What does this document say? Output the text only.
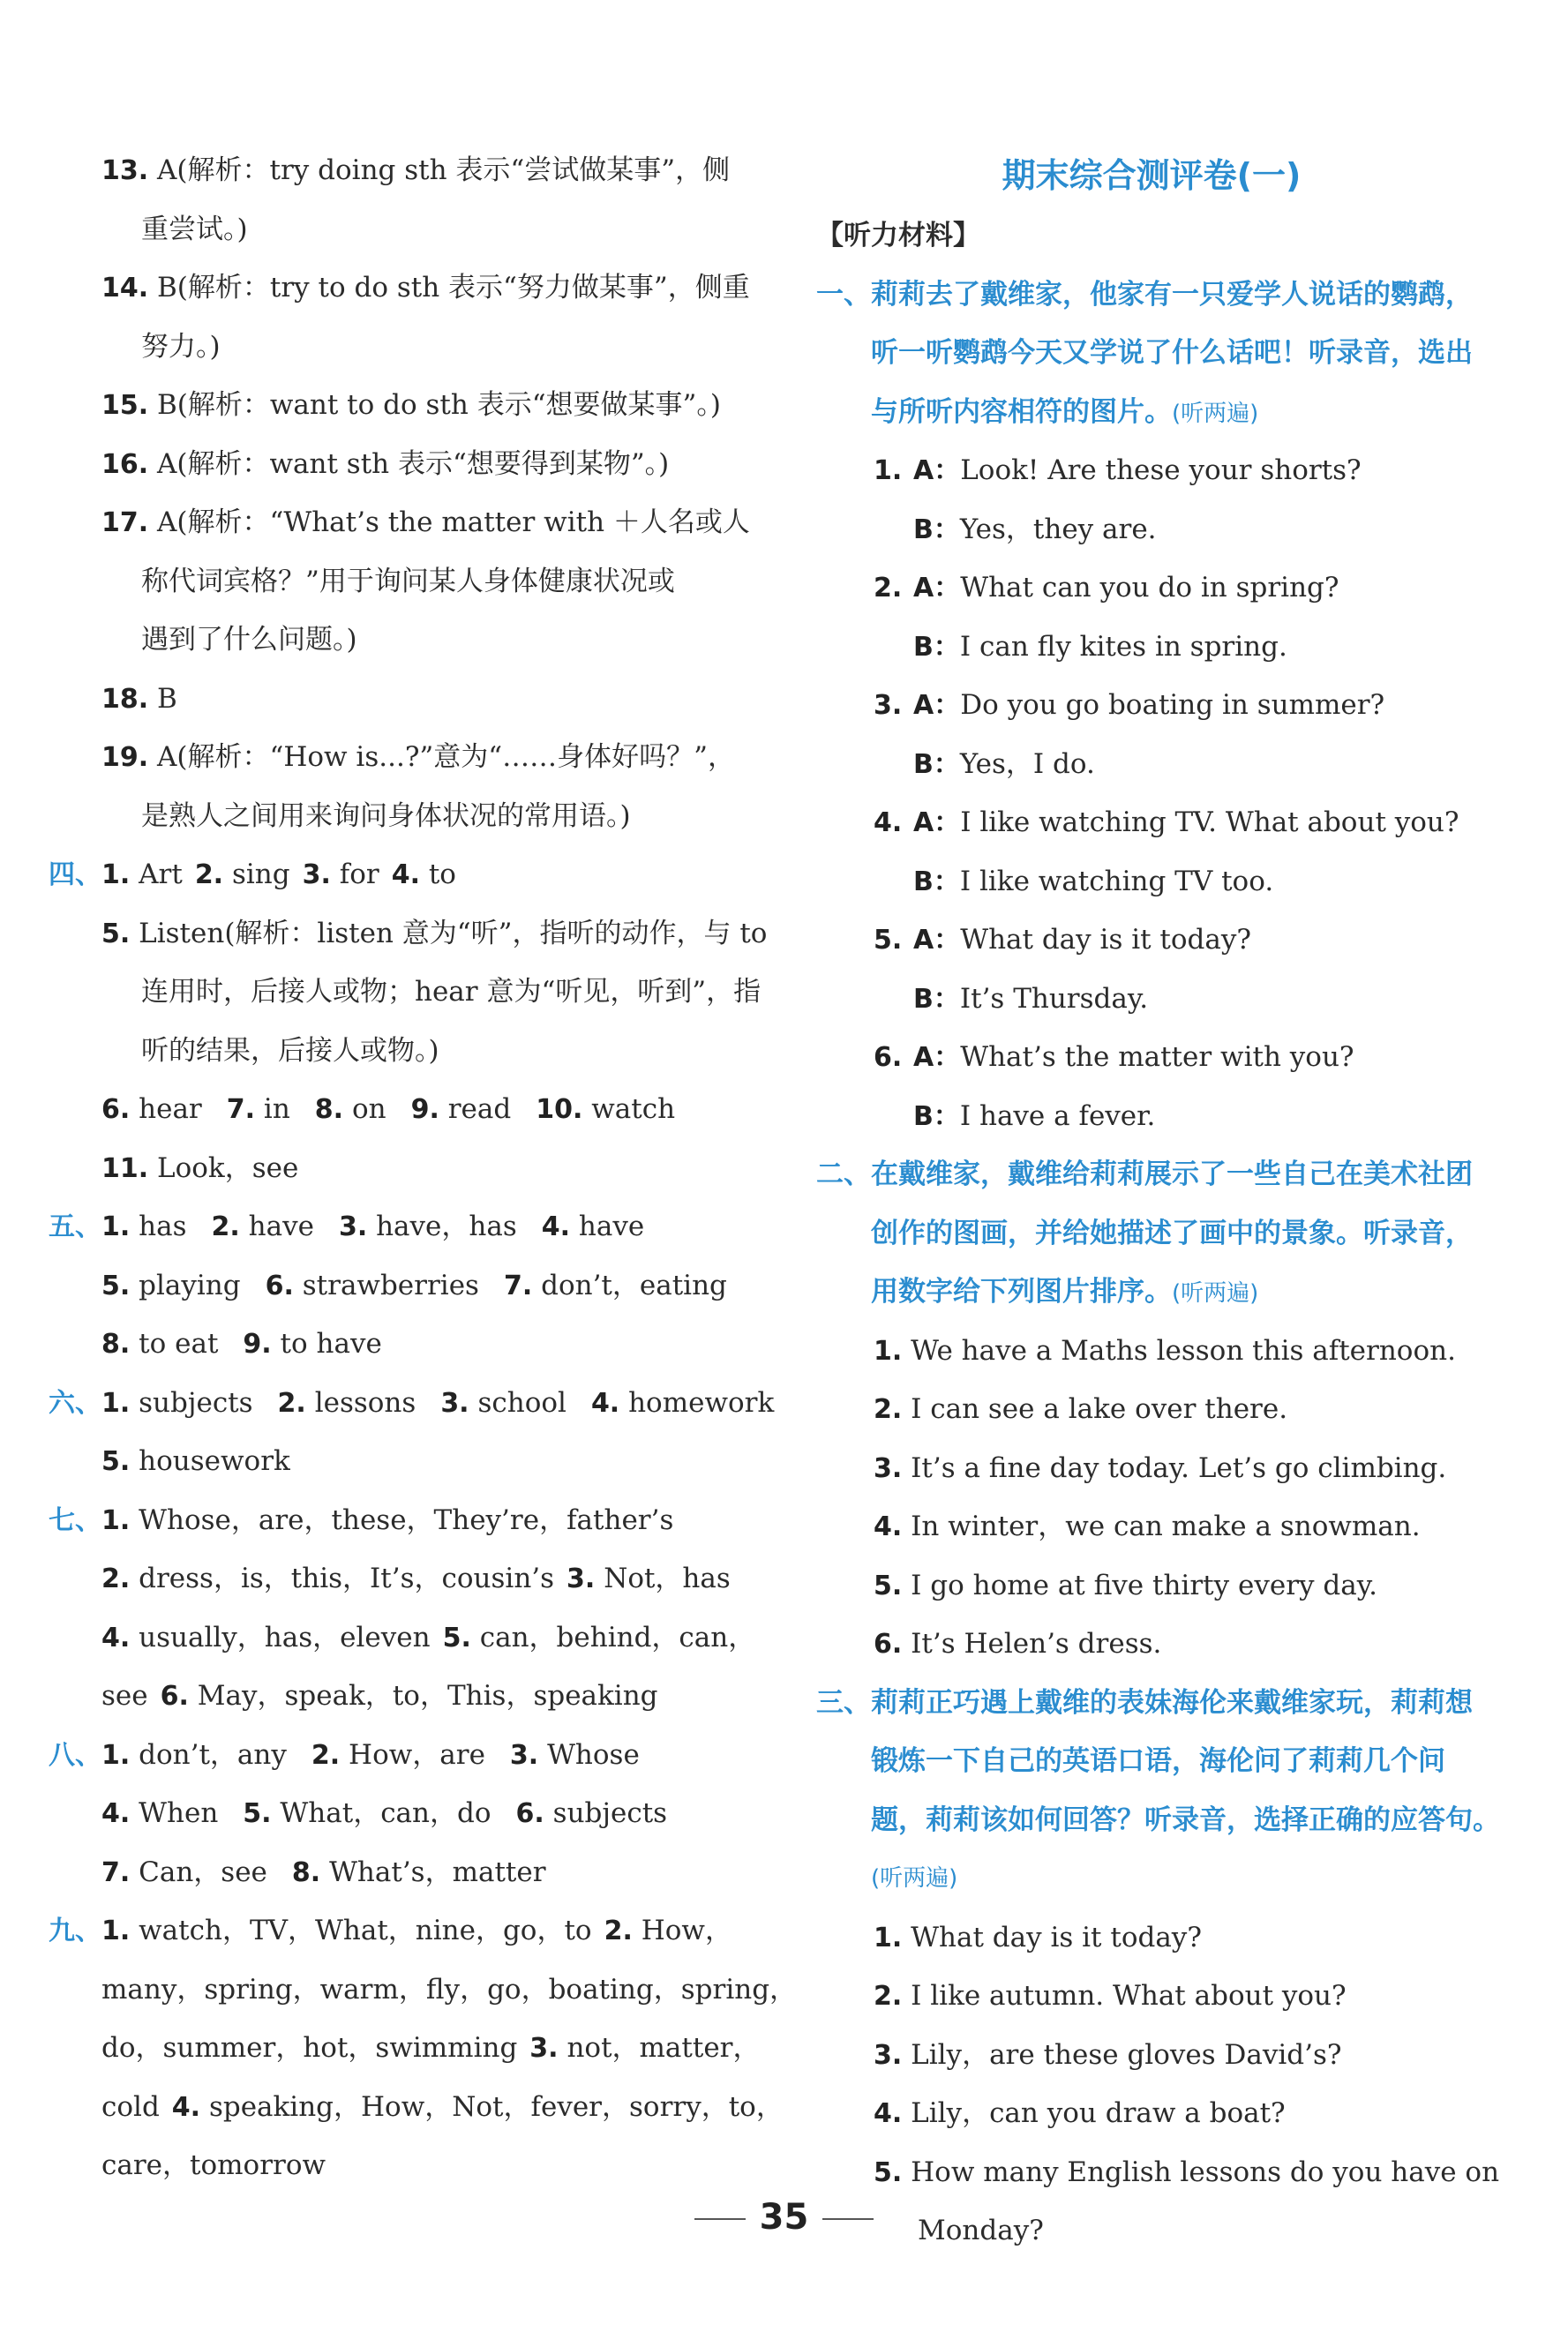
13. A(解析：try doing sth 表示“尝试做某事”，侧
重尝试。)
14. B(解析：try to do sth 表示“努力做某事”，侧重
努力。)
15. B(解析：want to do sth 表示“想要做某事”。)
16. A(解析：want sth 表示“想要得到某物”。)
17. A(解析：“What’s the matter with ＋人名或人
称代词宾格？”用于询问某人身体健康状况或
遇到了什么问题。)
18. B
19. A(解析：“How is...?”意为“……身体好吗？”，
是熟人之间用来询问身体状况的常用语。)
四、1. Art 2. sing 3. for 4. to
5. Listen(解析：listen 意为“听”，指听的动作，与 to
连用时，后接人或物；hear 意为“听见，听到”，指
听的结果，后接人或物。)
6. hear 7. in 8. on 9. read 10. watch
11. Look，see
五、1. has 2. have 3. have，has 4. have
5. playing 6. strawberries 7. don’t，eating
8. to eat 9. to have
六、1. subjects 2. lessons 3. school 4. homework
5. housework
七、1. Whose，are，these，They’re，father’s
2. dress，is，this，It’s，cousin’s 3. Not，has
4. usually，has，eleven 5. can，behind，can，
see 6. May，speak，to，This，speaking
八、1. don’t，any 2. How，are 3. Whose
4. When 5. What，can，do 6. subjects
7. Can，see 8. What’s，matter
九、1. watch，TV，What，nine，go，to 2. How，
many，spring，warm，fly，go，boating，spring，
do，summer，hot，swimming 3. not，matter，
cold 4. speaking，How，Not，fever，sorry，to，
care，tomorrow
期末综合测评卷(一)
【听力材料】
一、莉莉去了戴维家，他家有一只爱学人说话的鹦鹉，
听一听鹦鹉今天又学说了什么话吧！听录音，选出
与所听内容相符的图片。(听两遍)
1. A：Look! Are these your shorts?
B：Yes，they are.
2. A：What can you do in spring?
B：I can fly kites in spring.
3. A：Do you go boating in summer?
B：Yes，I do.
4. A：I like watching TV. What about you?
B：I like watching TV too.
5. A：What day is it today?
B：It’s Thursday.
6. A：What’s the matter with you?
B：I have a fever.
二、在戴维家，戴维给莉莉展示了一些自己在美术社团
创作的图画，并给她描述了画中的景象。听录音，
用数字给下列图片排序。(听两遍)
1. We have a Maths lesson this afternoon.
2. I can see a lake over there.
3. It’s a fine day today. Let’s go climbing.
4. In winter，we can make a snowman.
5. I go home at five thirty every day.
6. It’s Helen’s dress.
三、莉莉正巧遇上戴维的表妹海伦来戴维家玩，莉莉想
锻炼一下自己的英语口语，海伦问了莉莉几个问
题，莉莉该如何回答？听录音，选择正确的应答句。
(听两遍)
1. What day is it today?
2. I like autumn. What about you?
3. Lily，are these gloves David’s?
4. Lily，can you draw a boat?
5. How many English lessons do you have on
Monday?
35
